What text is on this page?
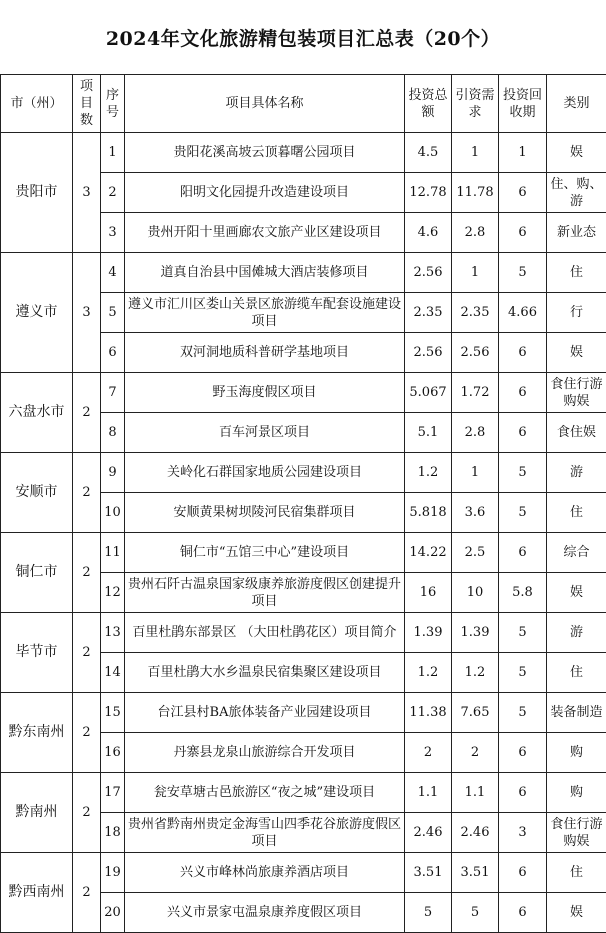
2024年文化旅游精包装项目汇总表（20个）
市（州）	项目数	序号	项目具体名称	投资总额	引资需求	投资回收期	类别
贵阳市	3	1	贵阳花溪高坡云顶暮曙公园项目	4.5	1	1	娱
		2	阳明文化园提升改造建设项目	12.78	11.78	6	住、购、游
		3	贵州开阳十里画廊农文旅产业区建设项目	4.6	2.8	6	新业态
遵义市	3	4	道真自治县中国傩城大酒店装修项目	2.56	1	5	住
		5	遵义市汇川区娄山关景区旅游缆车配套设施建设项目	2.35	2.35	4.66	行
		6	双河洞地质科普研学基地项目	2.56	2.56	6	娱
六盘水市	2	7	野玉海度假区项目	5.067	1.72	6	食住行游购娱
		8	百车河景区项目	5.1	2.8	6	食住娱
安顺市	2	9	关岭化石群国家地质公园建设项目	1.2	1	5	游
		10	安顺黄果树坝陵河民宿集群项目	5.818	3.6	5	住
铜仁市	2	11	铜仁市“五馆三中心”建设项目	14.22	2.5	6	综合
		12	贵州石阡古温泉国家级康养旅游度假区创建提升项目	16	10	5.8	娱
毕节市	2	13	百里杜鹃东部景区 （大田杜鹃花区）项目简介	1.39	1.39	5	游
		14	百里杜鹃大水乡温泉民宿集聚区建设项目	1.2	1.2	5	住
黔东南州	2	15	台江县村BA旅体装备产业园建设项目	11.38	7.65	5	装备制造
		16	丹寨县龙泉山旅游综合开发项目	2	2	6	购
黔南州	2	17	瓮安草塘古邑旅游区“夜之城”建设项目	1.1	1.1	6	购
		18	贵州省黔南州贵定金海雪山四季花谷旅游度假区项目	2.46	2.46	3	食住行游购娱
黔西南州	2	19	兴义市峰林尚旅康养酒店项目	3.51	3.51	6	住
		20	兴义市景家屯温泉康养度假区项目	5	5	6	娱
